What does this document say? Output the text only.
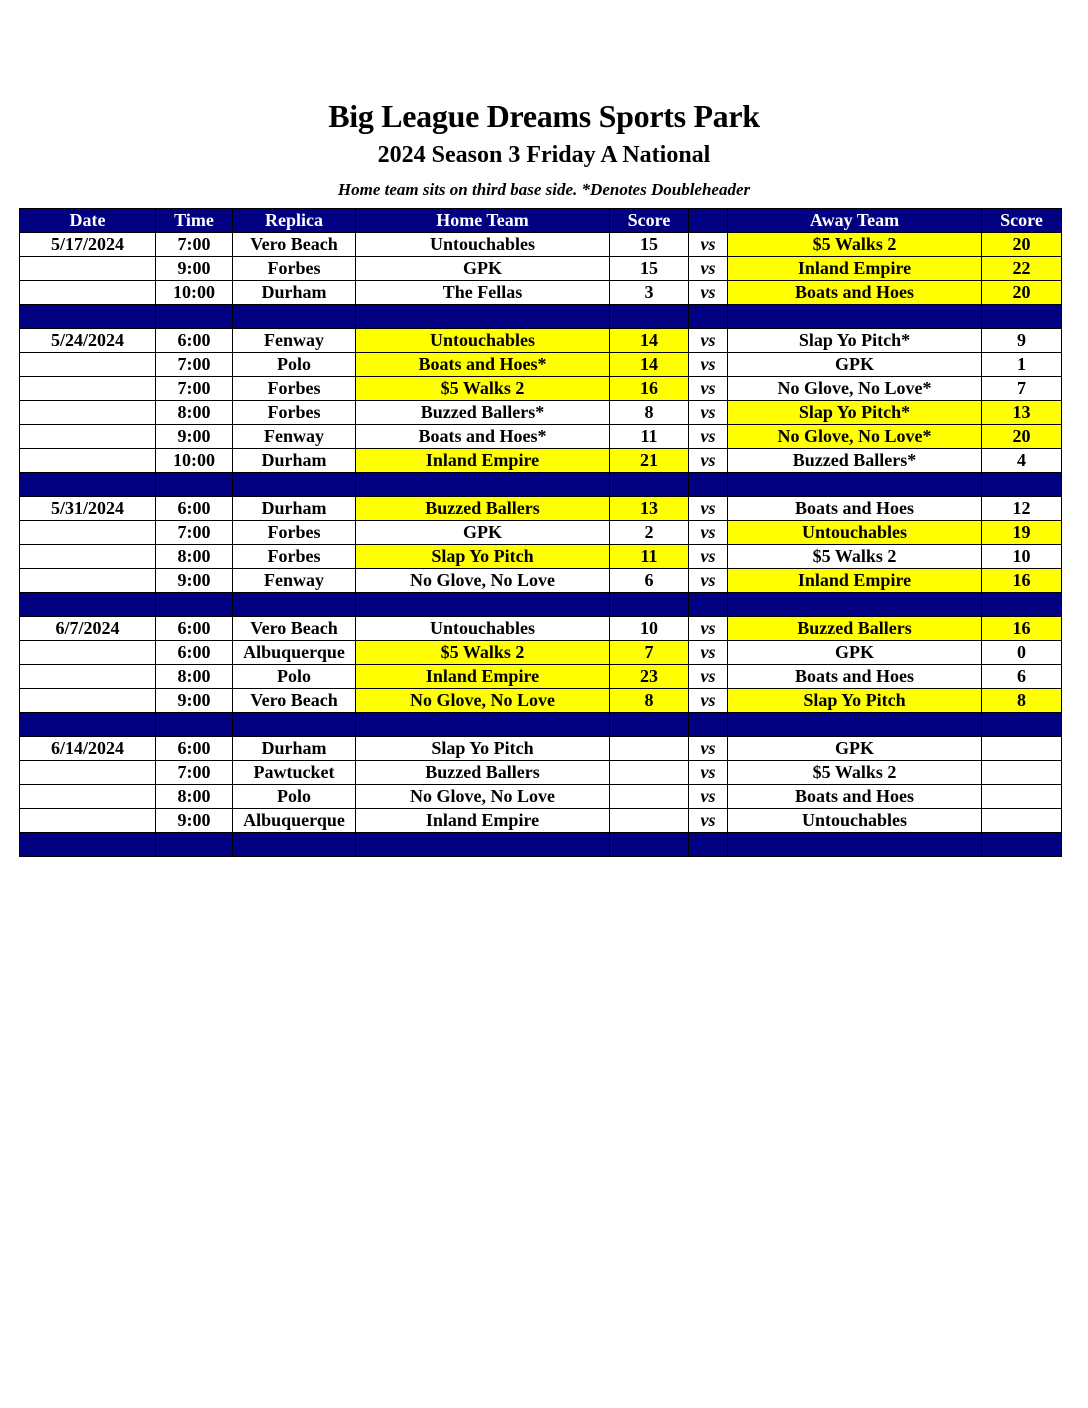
Big League Dreams Sports Park
2024 Season 3 Friday A National
Home team sits on third base side. *Denotes Doubleheader
Date	Time	Replica	Home Team	Score		Away Team	Score
5/17/2024	7:00	Vero Beach	Untouchables	15	vs	$5 Walks 2	20
	9:00	Forbes	GPK	15	vs	Inland Empire	22
	10:00	Durham	The Fellas	3	vs	Boats and Hoes	20

5/24/2024	6:00	Fenway	Untouchables	14	vs	Slap Yo Pitch*	9
	7:00	Polo	Boats and Hoes*	14	vs	GPK	1
	7:00	Forbes	$5 Walks 2	16	vs	No Glove, No Love*	7
	8:00	Forbes	Buzzed Ballers*	8	vs	Slap Yo Pitch*	13
	9:00	Fenway	Boats and Hoes*	11	vs	No Glove, No Love*	20
	10:00	Durham	Inland Empire	21	vs	Buzzed Ballers*	4

5/31/2024	6:00	Durham	Buzzed Ballers	13	vs	Boats and Hoes	12
	7:00	Forbes	GPK	2	vs	Untouchables	19
	8:00	Forbes	Slap Yo Pitch	11	vs	$5 Walks 2	10
	9:00	Fenway	No Glove, No Love	6	vs	Inland Empire	16

6/7/2024	6:00	Vero Beach	Untouchables	10	vs	Buzzed Ballers	16
	6:00	Albuquerque	$5 Walks 2	7	vs	GPK	0
	8:00	Polo	Inland Empire	23	vs	Boats and Hoes	6
	9:00	Vero Beach	No Glove, No Love	8	vs	Slap Yo Pitch	8

6/14/2024	6:00	Durham	Slap Yo Pitch		vs	GPK	
	7:00	Pawtucket	Buzzed Ballers		vs	$5 Walks 2	
	8:00	Polo	No Glove, No Love		vs	Boats and Hoes	
	9:00	Albuquerque	Inland Empire		vs	Untouchables	
